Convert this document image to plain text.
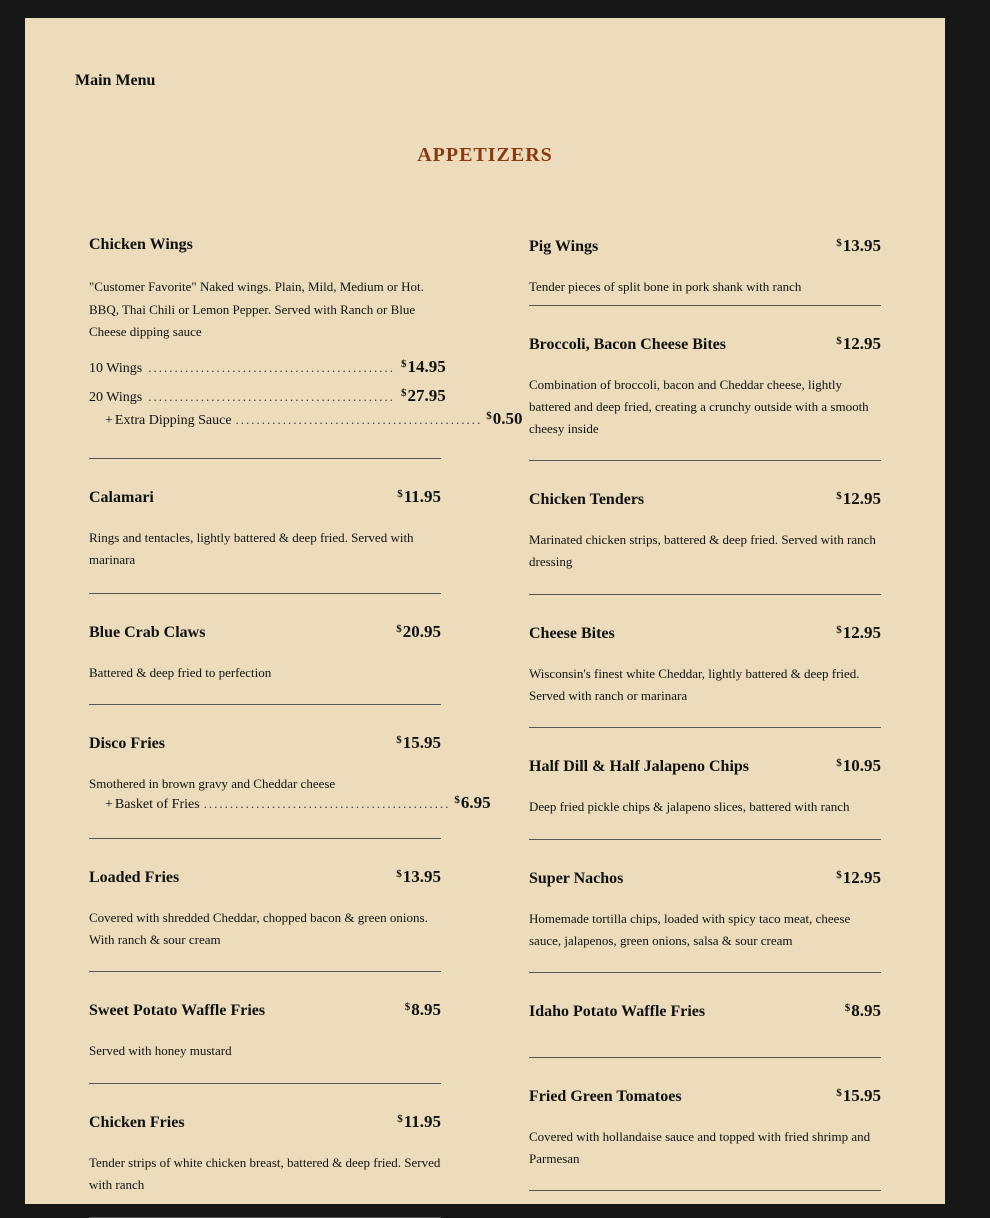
Main Menu
APPETIZERS
Chicken Wings
"Customer Favorite" Naked wings. Plain, Mild, Medium or Hot. BBQ, Thai Chili or Lemon Pepper. Served with Ranch or Blue Cheese dipping sauce
10 Wings ............................................... $14.95
20 Wings ............................................... $27.95
+ Extra Dipping Sauce ............................................... $0.50
Calamari	$11.95
Rings and tentacles, lightly battered & deep fried. Served with marinara
Blue Crab Claws	$20.95
Battered & deep fried to perfection
Disco Fries	$15.95
Smothered in brown gravy and Cheddar cheese
+ Basket of Fries ............................................... $6.95
Loaded Fries	$13.95
Covered with shredded Cheddar, chopped bacon & green onions. With ranch & sour cream
Sweet Potato Waffle Fries	$8.95
Served with honey mustard
Chicken Fries	$11.95
Tender strips of white chicken breast, battered & deep fried. Served with ranch
Pig Wings	$13.95
Tender pieces of split bone in pork shank with ranch
Broccoli, Bacon Cheese Bites	$12.95
Combination of broccoli, bacon and Cheddar cheese, lightly battered and deep fried, creating a crunchy outside with a smooth cheesy inside
Chicken Tenders	$12.95
Marinated chicken strips, battered & deep fried. Served with ranch dressing
Cheese Bites	$12.95
Wisconsin's finest white Cheddar, lightly battered & deep fried. Served with ranch or marinara
Half Dill & Half Jalapeno Chips	$10.95
Deep fried pickle chips & jalapeno slices, battered with ranch
Super Nachos	$12.95
Homemade tortilla chips, loaded with spicy taco meat, cheese sauce, jalapenos, green onions, salsa & sour cream
Idaho Potato Waffle Fries	$8.95
Fried Green Tomatoes	$15.95
Covered with hollandaise sauce and topped with fried shrimp and Parmesan
